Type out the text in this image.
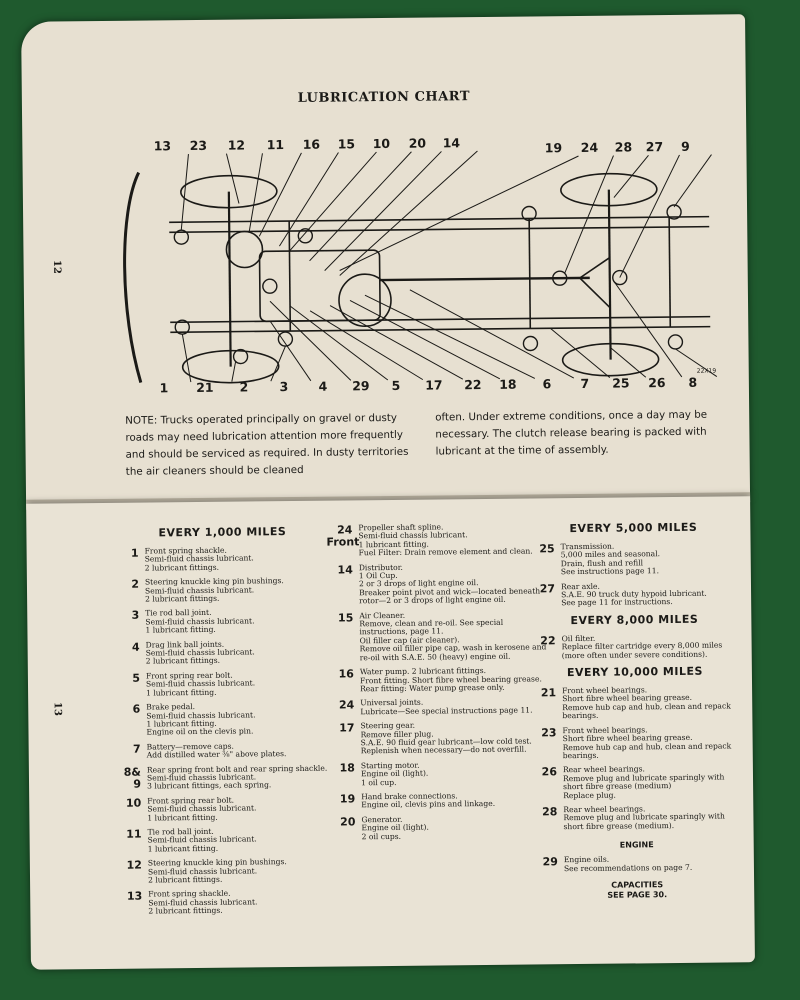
12
LUBRICATION CHART
22X19
13 23 12 11 16 15 10 20 14	19 24 28 27	9
1	21	2	3	4	29	5	17 22 18	6	7	25 26	8
NOTE: Trucks operated principally on gravel or dusty roads may need lubrication attention more frequently and should be serviced as required. In dusty territories the air cleaners should be cleaned
often. Under extreme conditions, once a day may be necessary. The clutch release bearing is packed with lubricant at the time of assembly.
13
EVERY 1,000 MILES
1 Front spring shackle.
Semi-fluid chassis lubricant.
2 lubricant fittings.
2 Steering knuckle king pin bushings.
Semi-fluid chassis lubricant.
2 lubricant fittings.
3 Tie rod ball joint.
Semi-fluid chassis lubricant.
1 lubricant fitting.
4 Drag link ball joints.
Semi-fluid chassis lubricant.
2 lubricant fittings.
5 Front spring rear bolt.
Semi-fluid chassis lubricant.
1 lubricant fitting.
6 Brake pedal.
Semi-fluid chassis lubricant.
1 lubricant fitting.
Engine oil on the clevis pin.
7 Battery—remove caps.
Add distilled water ⅜" above plates.
8&
9
Rear spring front bolt and rear spring shackle.
Semi-fluid chassis lubricant.
3 lubricant fittings, each spring.
10 Front spring rear bolt.
Semi-fluid chassis lubricant.
1 lubricant fitting.
11 Tie rod ball joint.
Semi-fluid chassis lubricant.
1 lubricant fitting.
12 Steering knuckle king pin bushings.
Semi-fluid chassis lubricant.
2 lubricant fittings.
13 Front spring shackle.
Semi-fluid chassis lubricant.
2 lubricant fittings.
24
Front
Propeller shaft spline.
Semi-fluid chassis lubricant.
1 lubricant fitting.
Fuel Filter: Drain remove element and clean.
14 Distributor.
1 Oil Cup.
2 or 3 drops of light engine oil.
Breaker point pivot and wick—located beneath rotor—2 or 3 drops of light engine oil.
15 Air Cleaner.
Remove, clean and re-oil. See special instructions, page 11.
Oil filler cap (air cleaner).
Remove oil filler pipe cap, wash in kerosene and re-oil with S.A.E. 50 (heavy) engine oil.
16 Water pump. 2 lubricant fittings.
Front fitting. Short fibre wheel bearing grease.
Rear fitting: Water pump grease only.
24 Universal joints.
Lubricate—See special instructions page 11.
17 Steering gear.
Remove filler plug.
S.A.E. 90 fluid gear lubricant—low cold test.
Replenish when necessary—do not overfill.
18 Starting motor.
Engine oil (light).
1 oil cup.
19 Hand brake connections.
Engine oil, clevis pins and linkage.
20 Generator.
Engine oil (light).
2 oil cups.
EVERY 5,000 MILES
25 Transmission.
5,000 miles and seasonal.
Drain, flush and refill
See instructions page 11.
27 Rear axle.
S.A.E. 90 truck duty hypoid lubricant.
See page 11 for instructions.
EVERY 8,000 MILES
22 Oil filter.
Replace filter cartridge every 8,000 miles (more often under severe conditions).
EVERY 10,000 MILES
21 Front wheel bearings.
Short fibre wheel bearing grease.
Remove hub cap and hub, clean and repack bearings.
23 Front wheel bearings.
Short fibre wheel bearing grease.
Remove hub cap and hub, clean and repack bearings.
26 Rear wheel bearings.
Remove plug and lubricate sparingly with short fibre grease (medium)
Replace plug.
28 Rear wheel bearings.
Remove plug and lubricate sparingly with short fibre grease (medium).
ENGINE
29 Engine oils.
See recommendations on page 7.
CAPACITIES
SEE PAGE 30.
